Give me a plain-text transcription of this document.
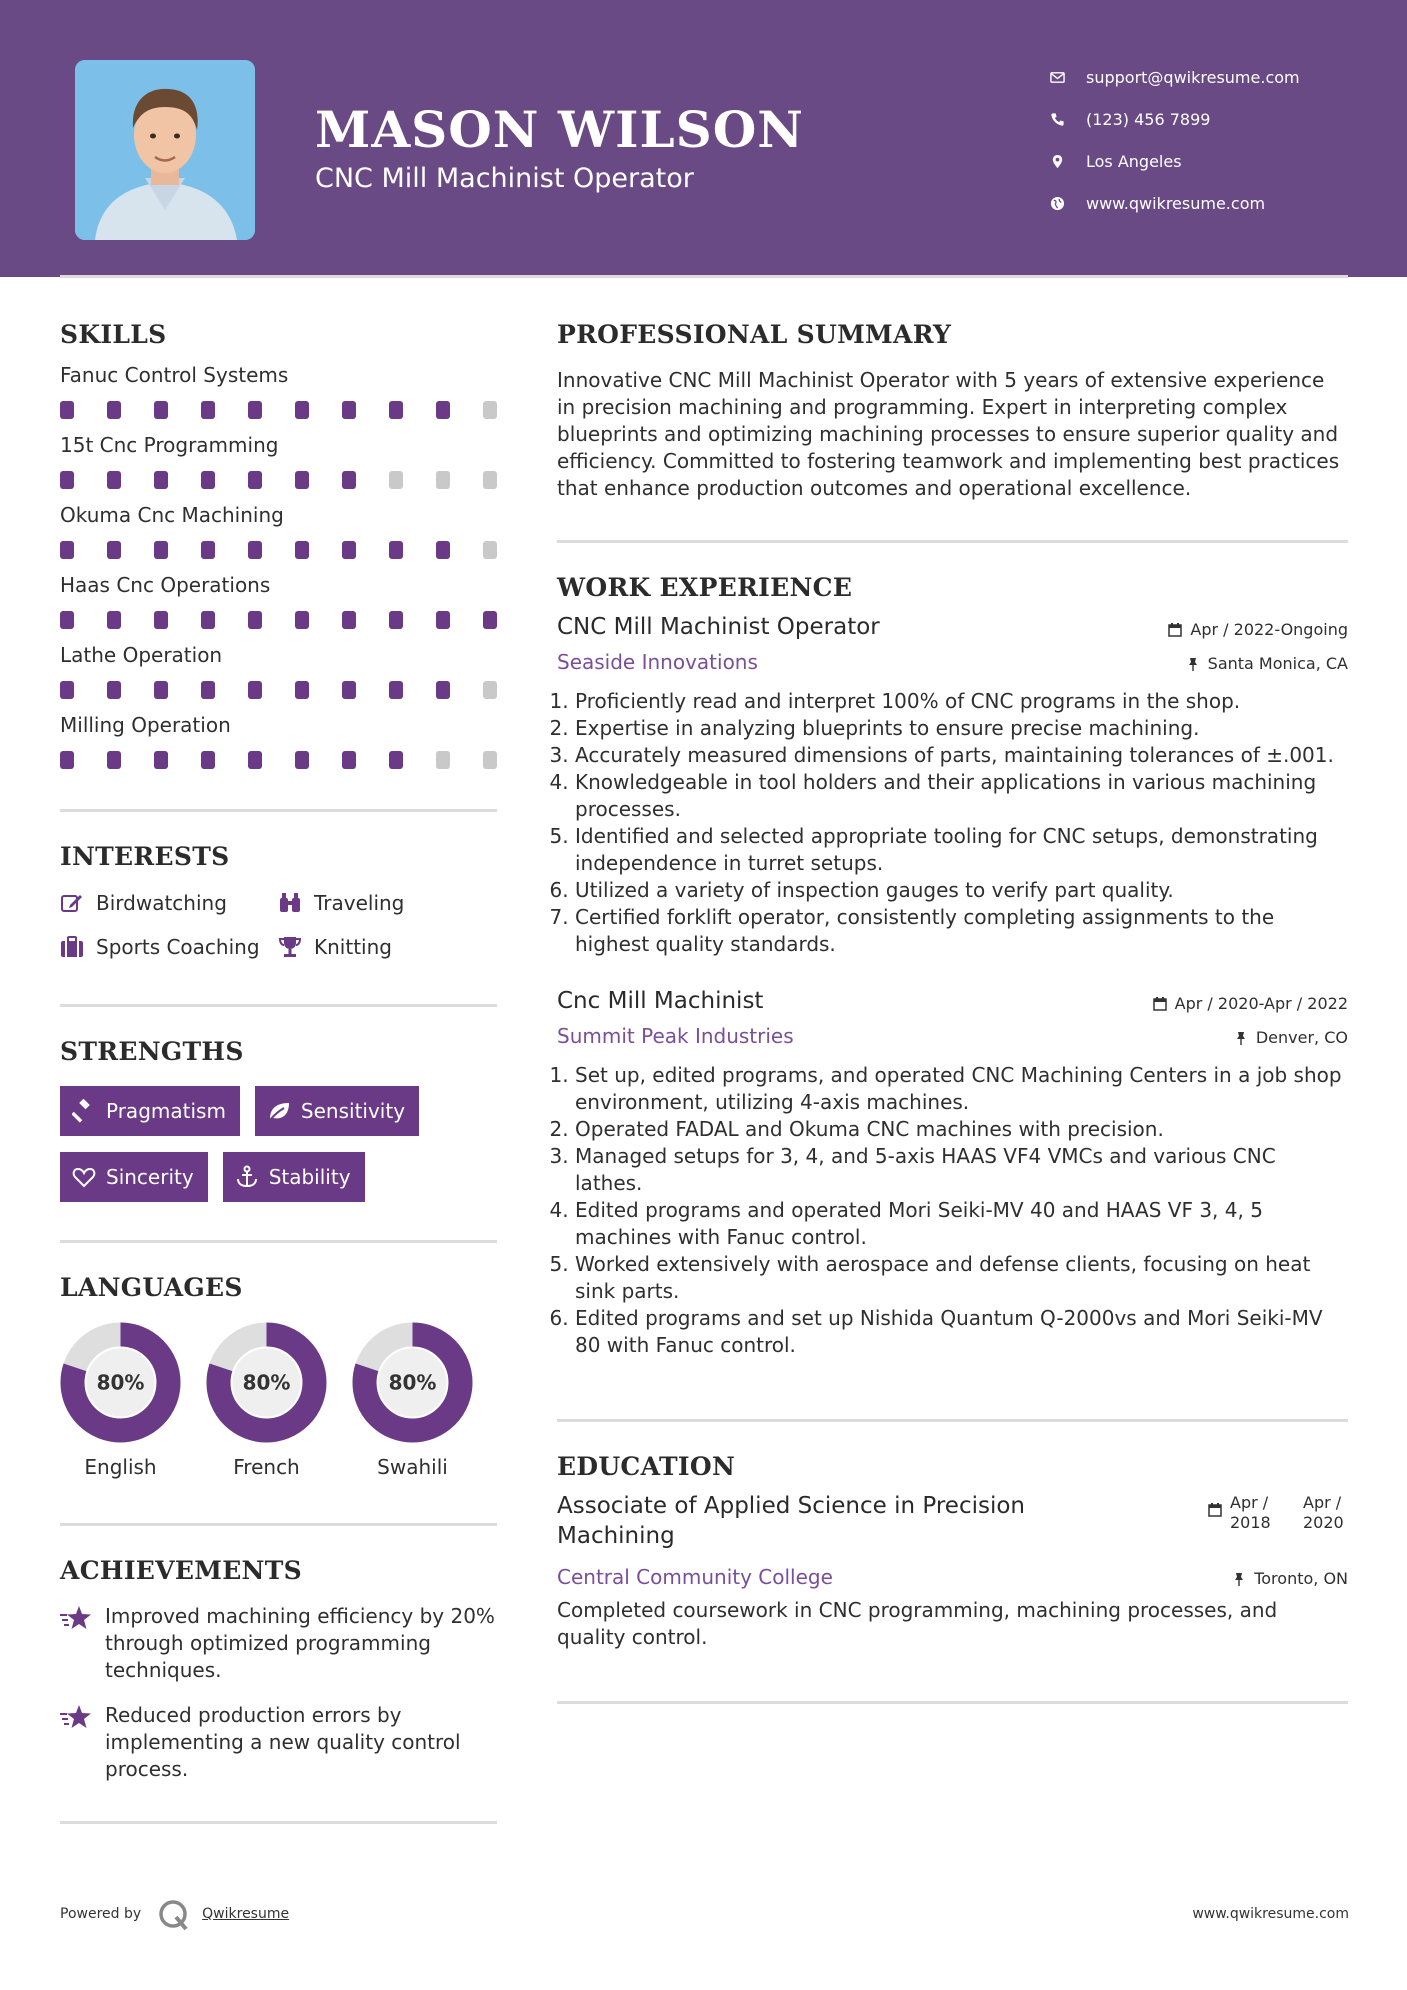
MASON WILSON
CNC Mill Machinist Operator
support@qwikresume.com
(123) 456 7899
Los Angeles
www.qwikresume.com
SKILLS
Fanuc Control Systems
15t Cnc Programming
Okuma Cnc Machining
Haas Cnc Operations
Lathe Operation
Milling Operation
INTERESTS
Birdwatching	Traveling
Sports Coaching	Knitting
STRENGTHS
Pragmatism	Sensitivity
Sincerity	Stability
LANGUAGES
80%
English
80%
French
80%
Swahili
ACHIEVEMENTS
Improved machining efficiency by 20% through optimized programming techniques.
Reduced production errors by implementing a new quality control process.
PROFESSIONAL SUMMARY
Innovative CNC Mill Machinist Operator with 5 years of extensive experience in precision machining and programming. Expert in interpreting complex blueprints and optimizing machining processes to ensure superior quality and efficiency. Committed to fostering teamwork and implementing best practices that enhance production outcomes and operational excellence.
WORK EXPERIENCE
CNC Mill Machinist Operator	Apr / 2022-Ongoing
Seaside Innovations	Santa Monica, CA
1. Proficiently read and interpret 100% of CNC programs in the shop.
2. Expertise in analyzing blueprints to ensure precise machining.
3. Accurately measured dimensions of parts, maintaining tolerances of ±.001.
4. Knowledgeable in tool holders and their applications in various machining processes.
5. Identified and selected appropriate tooling for CNC setups, demonstrating independence in turret setups.
6. Utilized a variety of inspection gauges to verify part quality.
7. Certified forklift operator, consistently completing assignments to the highest quality standards.
Cnc Mill Machinist	Apr / 2020-Apr / 2022
Summit Peak Industries	Denver, CO
1. Set up, edited programs, and operated CNC Machining Centers in a job shop environment, utilizing 4-axis machines.
2. Operated FADAL and Okuma CNC machines with precision.
3. Managed setups for 3, 4, and 5-axis HAAS VF4 VMCs and various CNC lathes.
4. Edited programs and operated Mori Seiki-MV 40 and HAAS VF 3, 4, 5 machines with Fanuc control.
5. Worked extensively with aerospace and defense clients, focusing on heat sink parts.
6. Edited programs and set up Nishida Quantum Q-2000vs and Mori Seiki-MV 80 with Fanuc control.
EDUCATION
Associate of Applied Science in Precision Machining
Apr / 2018
Apr / 2020
Central Community College	Toronto, ON
Completed coursework in CNC programming, machining processes, and quality control.
Powered by	Qwikresume	www.qwikresume.com
